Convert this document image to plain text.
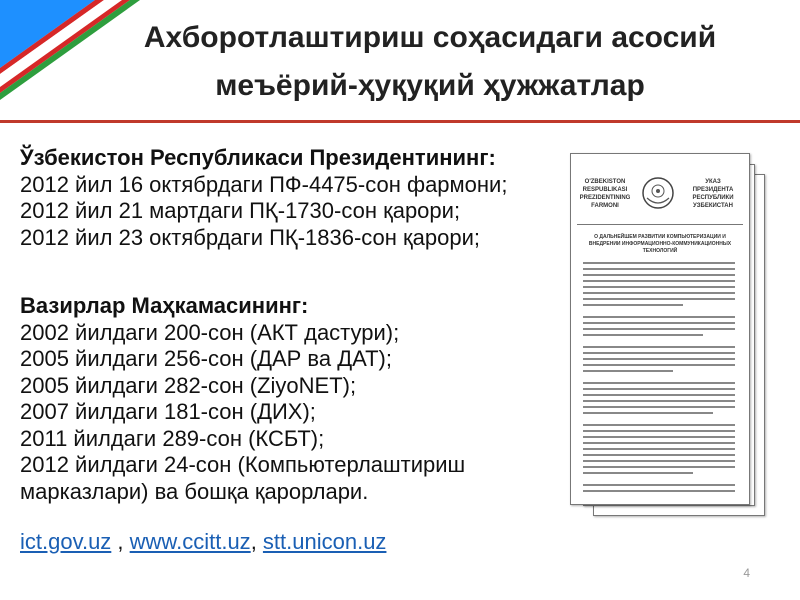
Ахборотлаштириш соҳасидаги асосий
меъёрий-ҳуқуқий ҳужжатлар
Ўзбекистон Республикаси Президентининг:
2012 йил 16 октябрдаги ПФ-4475-сон фармони;
2012 йил 21 мартдаги ПҚ-1730-сон қарори;
2012 йил 23 октябрдаги ПҚ-1836-сон қарори;
Вазирлар Маҳкамасининг:
2002 йилдаги 200-сон (АКТ дастури);
2005 йилдаги 256-сон (ДАР ва ДАТ);
2005 йилдаги 282-сон (ZiyoNET);
2007 йилдаги 181-сон (ДИХ);
2011 йилдаги 289-сон (КСБТ);
2012 йилдаги 24-сон (Компьютерлаштириш
марказлари) ва бошқа қарорлари.
ict.gov.uz , www.ccitt.uz, stt.unicon.uz
4
O'ZBEKISTON
RESPUBLIKASI
PREZIDENTINING
FARMONI
УКАЗ
ПРЕЗИДЕНТА
РЕСПУБЛИКИ
УЗБЕКИСТАН
О ДАЛЬНЕЙШЕМ РАЗВИТИИ КОМПЬЮТЕРИЗАЦИИ И ВНЕДРЕНИИ ИНФОРМАЦИОННО-КОММУНИКАЦИОННЫХ ТЕХНОЛОГИЙ
